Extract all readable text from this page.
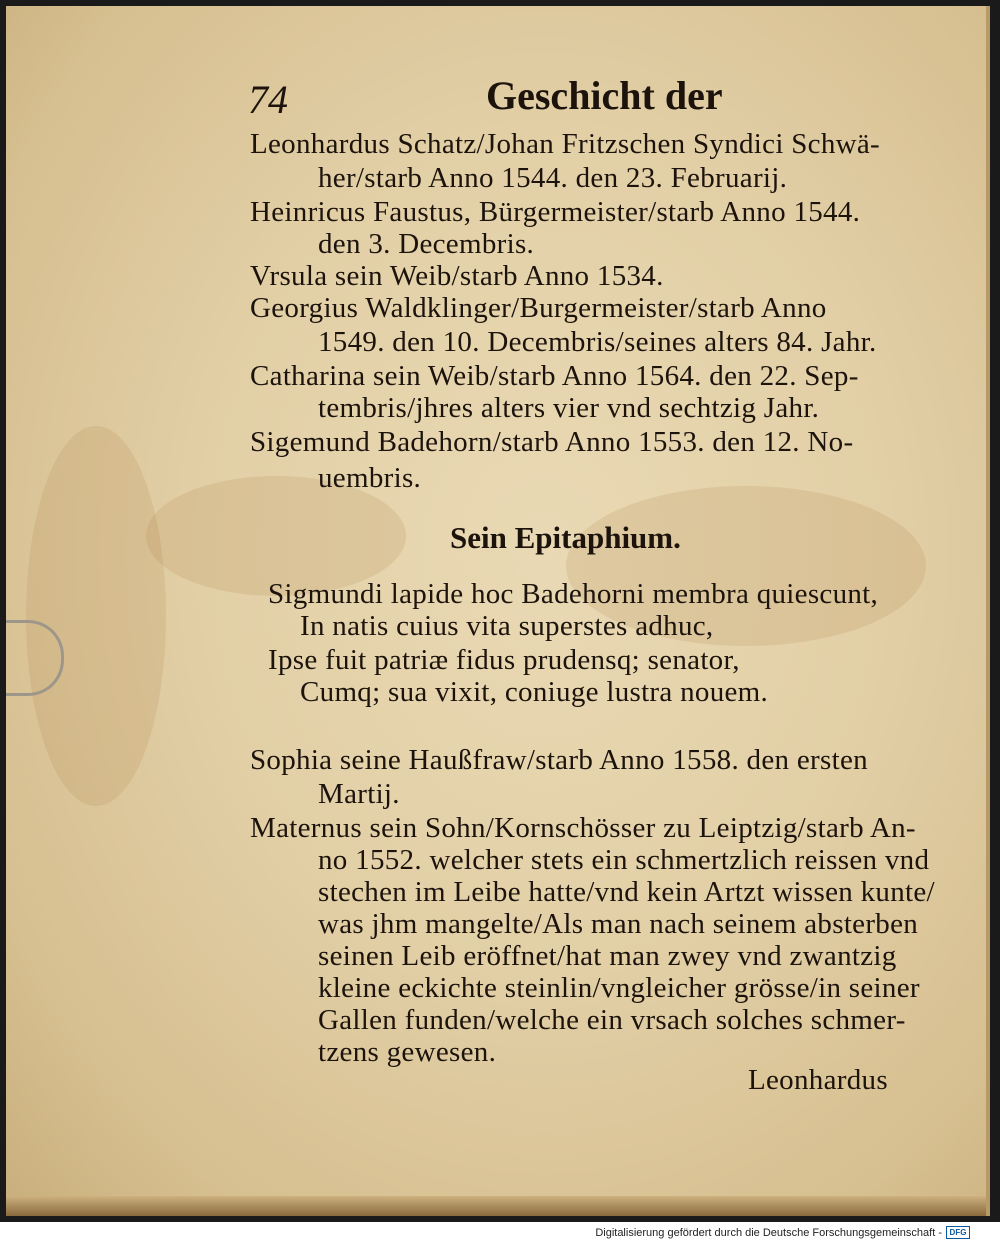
74	Geschicht der
Leonhardus Schatz/Johan Fritzschen Syndici Schwä-
her/starb Anno 1544. den 23. Februarij.
Heinricus Faustus, Bürgermeister/starb Anno 1544.
den 3. Decembris.
Vrsula sein Weib/starb Anno 1534.
Georgius Waldklinger/Burgermeister/starb Anno
1549. den 10. Decembris/seines alters 84. Jahr.
Catharina sein Weib/starb Anno 1564. den 22. Sep-
tembris/jhres alters vier vnd sechtzig Jahr.
Sigemund Badehorn/starb Anno 1553. den 12. No-
uembris.
Sein Epitaphium.
Sigmundi lapide hoc Badehorni membra quiescunt,
In natis cuius vita superstes adhuc,
Ipse fuit patriæ fidus prudensq; senator,
Cumq; sua vixit, coniuge lustra nouem.
Sophia seine Haußfraw/starb Anno 1558. den ersten
Martij.
Maternus sein Sohn/Kornschösser zu Leiptzig/starb An-
no 1552. welcher stets ein schmertzlich reissen vnd
stechen im Leibe hatte/vnd kein Artzt wissen kunte/
was jhm mangelte/Als man nach seinem absterben
seinen Leib eröffnet/hat man zwey vnd zwantzig
kleine eckichte steinlin/vngleicher grösse/in seiner
Gallen funden/welche ein vrsach solches schmer-
tzens gewesen.
Leonhardus
Digitalisierung gefördert durch die Deutsche Forschungsgemeinschaft - DFG
